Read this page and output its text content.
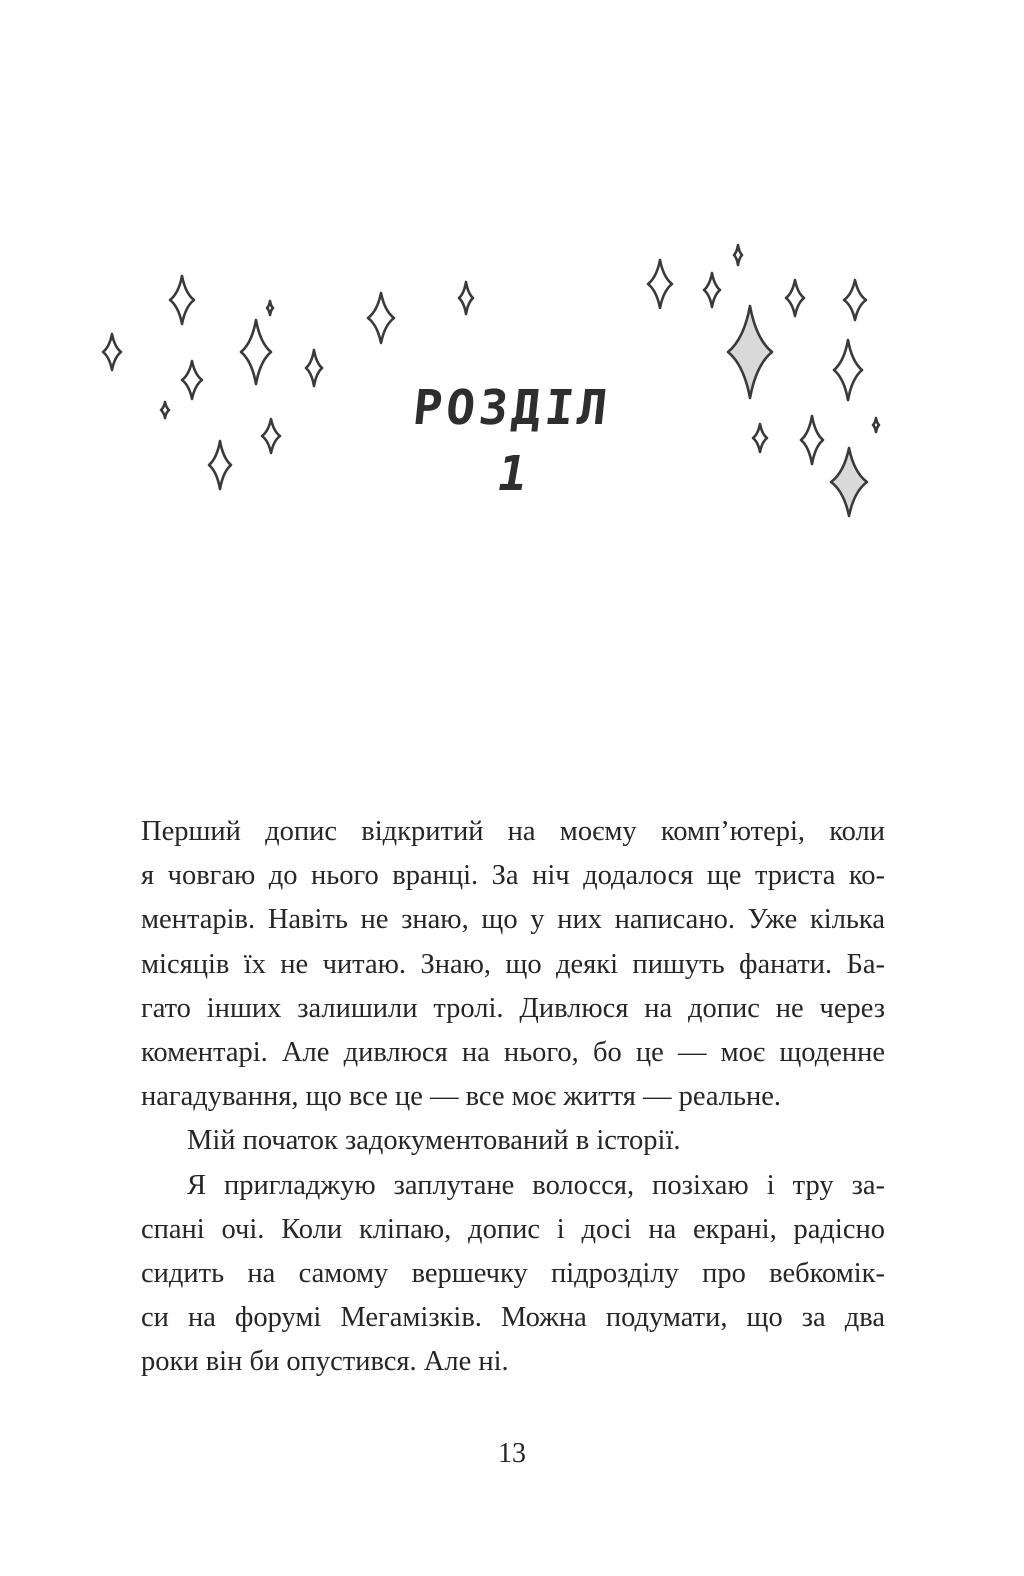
РОЗДІЛ
1

Перший допис відкритий на моєму комп’ютері, коли
я човгаю до нього вранці. За ніч додалося ще триста ко-
ментарів. Навіть не знаю, що у них написано. Уже кілька
місяців їх не читаю. Знаю, що деякі пишуть фанати. Ба-
гато інших залишили тролі. Дивлюся на допис не через
коментарі. Але дивлюся на нього, бо це — моє щоденне
нагадування, що все це — все моє життя — реальне.

Мій початок задокументований в історії.

Я пригладжую заплутане волосся, позіхаю і тру за-
спані очі. Коли кліпаю, допис і досі на екрані, радісно
сидить на самому вершечку підрозділу про вебкомік-
си на форумі Мегамізків. Можна подумати, що за два
роки він би опустився. Але ні.

13
